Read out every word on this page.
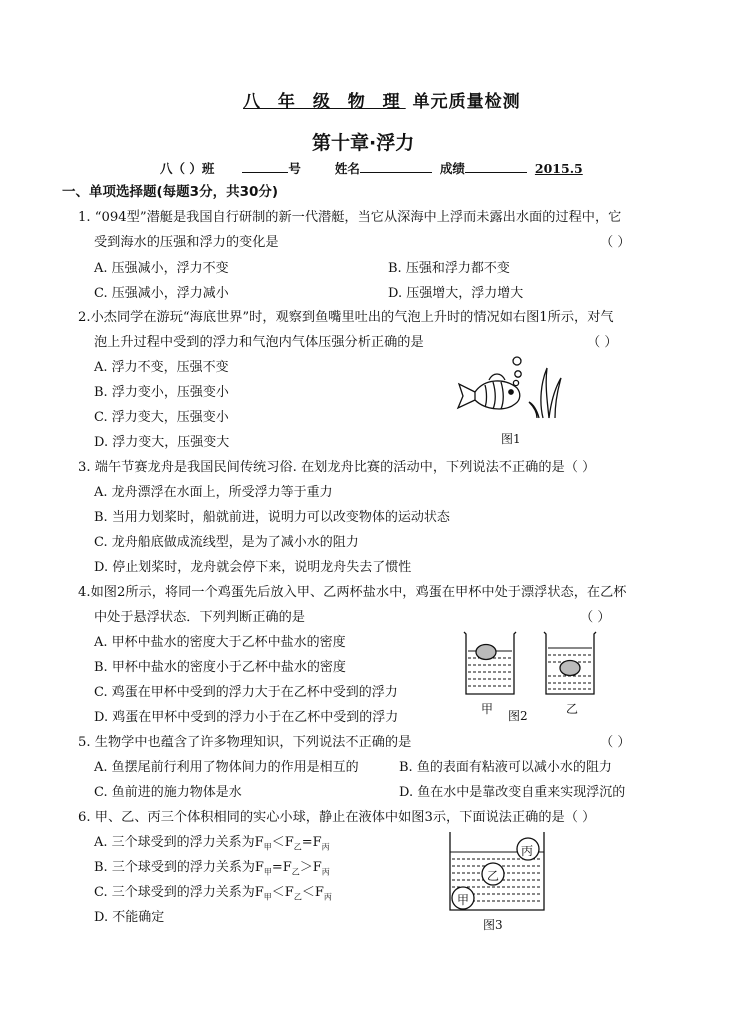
八 年 级 物 理 单元质量检测
第十章·浮力
八（ ）班	号	姓名	成绩	2015.5
一、单项选择题(每题3分，共30分)
1. “094型”潜艇是我国自行研制的新一代潜艇，当它从深海中上浮而未露出水面的过程中，它
受到海水的压强和浮力的变化是	（ ）
A. 压强减小，浮力不变	B. 压强和浮力都不变
C. 压强减小，浮力减小	D. 压强增大，浮力增大
2.小杰同学在游玩“海底世界”时，观察到鱼嘴里吐出的气泡上升时的情况如右图1所示，对气
泡上升过程中受到的浮力和气泡内气体压强分析正确的是	（ ）
A. 浮力不变，压强不变
B. 浮力变小，压强变小
C. 浮力变大，压强变小
D. 浮力变大，压强变大	图1
3. 端午节赛龙舟是我国民间传统习俗. 在划龙舟比赛的活动中，下列说法不正确的是（ ）
A. 龙舟漂浮在水面上，所受浮力等于重力
B. 当用力划桨时，船就前进，说明力可以改变物体的运动状态
C. 龙舟船底做成流线型，是为了减小水的阻力
D. 停止划桨时，龙舟就会停下来，说明龙舟失去了惯性
4.如图2所示，将同一个鸡蛋先后放入甲、乙两杯盐水中，鸡蛋在甲杯中处于漂浮状态，在乙杯
中处于悬浮状态．下列判断正确的是	（ ）
A. 甲杯中盐水的密度大于乙杯中盐水的密度
B. 甲杯中盐水的密度小于乙杯中盐水的密度
C. 鸡蛋在甲杯中受到的浮力大于在乙杯中受到的浮力
D. 鸡蛋在甲杯中受到的浮力小于在乙杯中受到的浮力
甲 图2	乙
5. 生物学中也蕴含了许多物理知识，下列说法不正确的是	（ ）
A. 鱼摆尾前行利用了物体间力的作用是相互的	B. 鱼的表面有粘液可以减小水的阻力
C. 鱼前进的施力物体是水	D. 鱼在水中是靠改变自重来实现浮沉的
6. 甲、乙、丙三个体积相同的实心小球，静止在液体中如图3示，下面说法正确的是（ ）
A. 三个球受到的浮力关系为$F_甲<F_乙=F_丙$
B. 三个球受到的浮力关系为$F_甲=F_乙>F_丙$
C. 三个球受到的浮力关系为$F_甲<F_乙<F_丙$
D. 不能确定
丙
乙
甲
图3
